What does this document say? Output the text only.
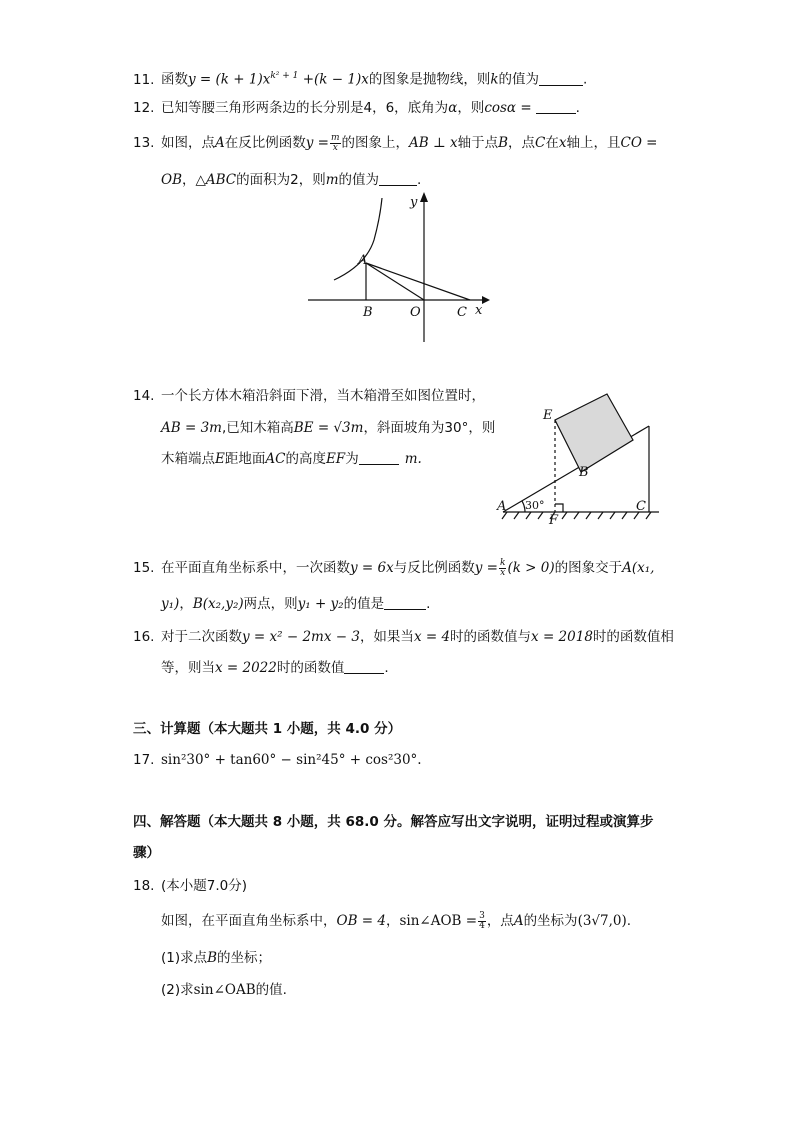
11. 函数$y = (k + 1)x^{k^2 + 1} +(k - 1)x$的图象是抛物线，则k的值为	.
12. 已知等腰三角形两条边的长分别是4，6，底角为α，则cosα =	.
13. 如图，点A在反比例函数$y = \frac{m}{x}$ 的图象上，AB ⊥ x轴于点B，点C在x轴上，且CO =
OB，△ABC的面积为2，则m的值为	.
y
A
B	O	C x
14. 一个长方体木箱沿斜面下滑，当木箱滑至如图位置时，
AB = 3m,已知木箱高BE = √3m，斜面坡角为30°，则
木箱端点E距地面AC的高度EF为	m.
E
B
A 30°
F
C
15. 在平面直角坐标系中，一次函数y = 6x与反比例函数$y = \frac{k}{x} (k > 0)$的图象交于A(x₁,
y₁)，B(x₂,y₂)两点，则y₁ + y₂的值是	.
16. 对于二次函数y = x² − 2mx − 3，如果当x = 4时的函数值与x = 2018时的函数值相
等，则当x = 2022时的函数值	.
三、计算题（本大题共 1 小题，共 4.0 分）
17. sin²30° + tan60° − sin²45° + cos²30°.
四、解答题（本大题共 8 小题，共 68.0 分。解答应写出文字说明，证明过程或演算步
骤）
18. (本小题7.0分)
如图，在平面直角坐标系中，OB = 4，sin∠AOB = $\frac{3}{4}$ ，点A的坐标为(3√7,0).
(1)求点B的坐标；
(2)求sin∠OAB的值.
